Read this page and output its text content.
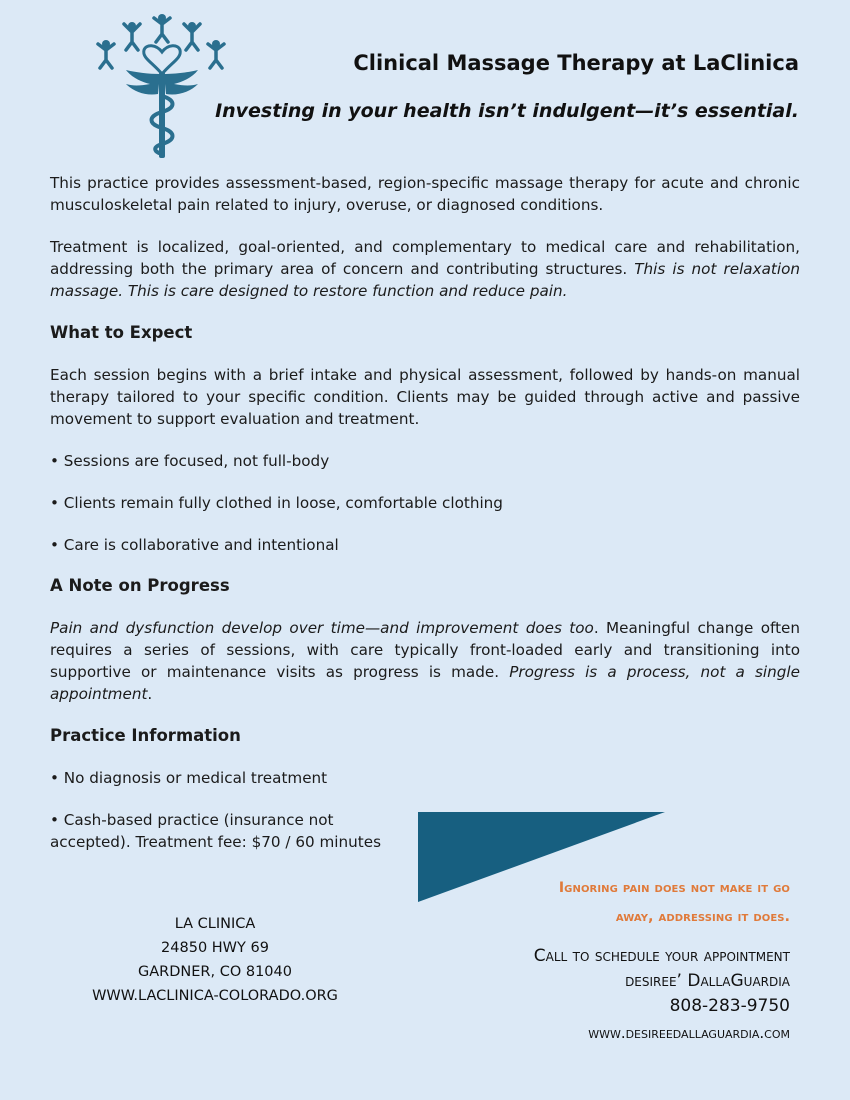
Clinical Massage Therapy at LaClinica
Investing in your health isn’t indulgent—it’s essential.

This practice provides assessment-based, region-specific massage therapy for acute and chronic musculoskeletal pain related to injury, overuse, or diagnosed conditions.

Treatment is localized, goal-oriented, and complementary to medical care and rehabilitation, addressing both the primary area of concern and contributing structures. This is not relaxation massage. This is care designed to restore function and reduce pain.

What to Expect

Each session begins with a brief intake and physical assessment, followed by hands-on manual therapy tailored to your specific condition. Clients may be guided through active and passive movement to support evaluation and treatment.

• Sessions are focused, not full-body

• Clients remain fully clothed in loose, comfortable clothing

• Care is collaborative and intentional

A Note on Progress

Pain and dysfunction develop over time—and improvement does too. Meaningful change often requires a series of sessions, with care typically front-loaded early and transitioning into supportive or maintenance visits as progress is made. Progress is a process, not a single appointment.

Practice Information

• No diagnosis or medical treatment

• Cash-based practice (insurance not accepted). Treatment fee: $70 / 60 minutes

Ignoring pain does not make it go
away, addressing it does.
LA CLINICA
24850 HWY 69
GARDNER, CO 81040
WWW.LACLINICA-COLORADO.ORG
Call to schedule your appointment
desiree’ DallaGuardia
808-283-9750
www.desireedallaguardia.com
